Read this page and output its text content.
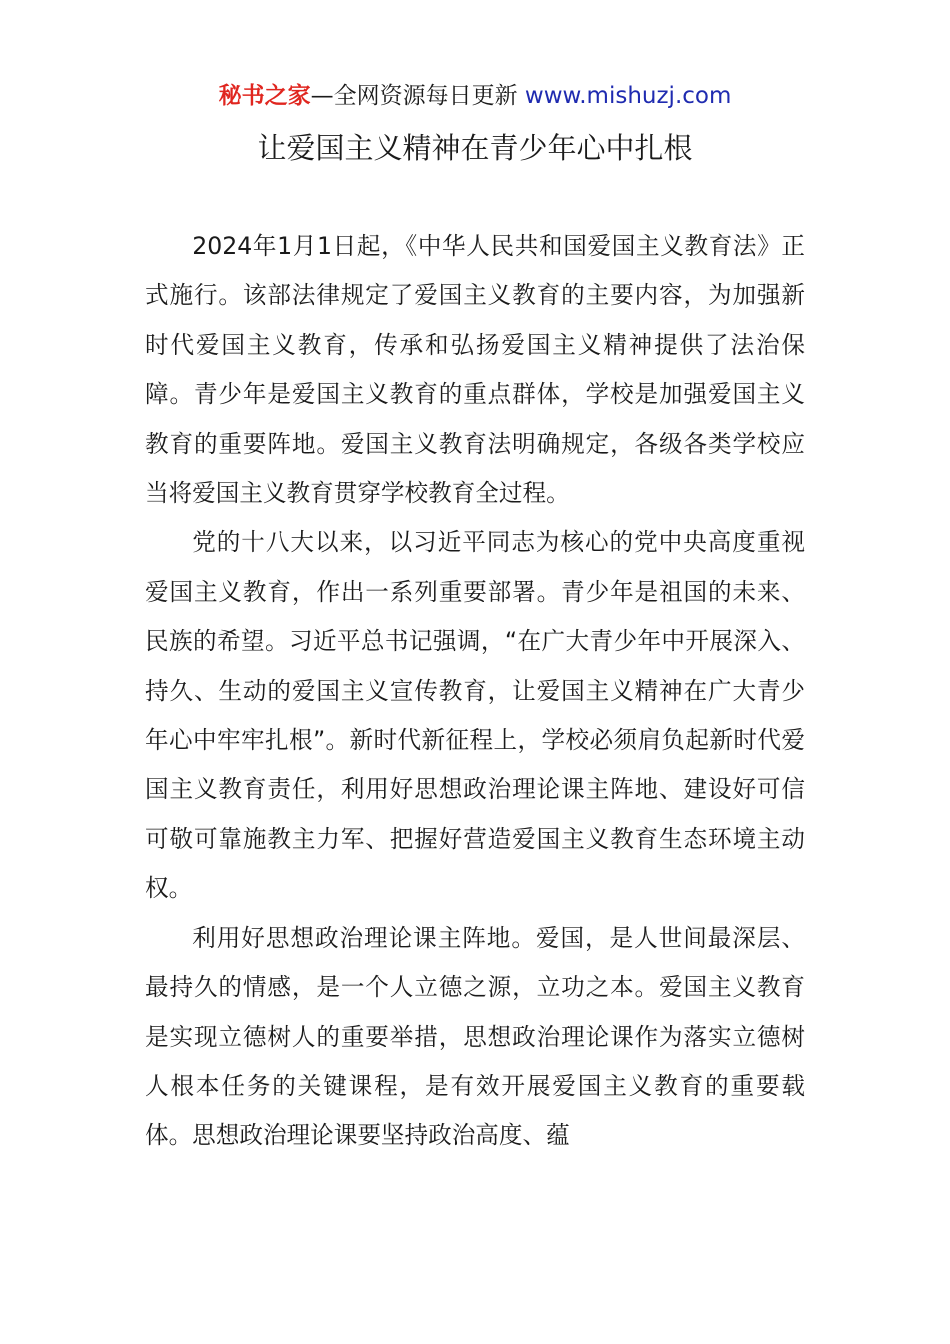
秘书之家—全网资源每日更新 www.mishuzj.com
让爱国主义精神在青少年心中扎根

2024年1月1日起，《中华人民共和国爱国主义教育法》正式施行。该部法律规定了爱国主义教育的主要内容，为加强新时代爱国主义教育，传承和弘扬爱国主义精神提供了法治保障。青少年是爱国主义教育的重点群体，学校是加强爱国主义教育的重要阵地。爱国主义教育法明确规定，各级各类学校应当将爱国主义教育贯穿学校教育全过程。

党的十八大以来，以习近平同志为核心的党中央高度重视爱国主义教育，作出一系列重要部署。青少年是祖国的未来、民族的希望。习近平总书记强调，“在广大青少年中开展深入、持久、生动的爱国主义宣传教育，让爱国主义精神在广大青少年心中牢牢扎根”。新时代新征程上，学校必须肩负起新时代爱国主义教育责任，利用好思想政治理论课主阵地、建设好可信可敬可靠施教主力军、把握好营造爱国主义教育生态环境主动权。

利用好思想政治理论课主阵地。爱国，是人世间最深层、最持久的情感，是一个人立德之源，立功之本。爱国主义教育是实现立德树人的重要举措，思想政治理论课作为落实立德树人根本任务的关键课程，是有效开展爱国主义教育的重要载体。思想政治理论课要坚持政治高度、蕴
